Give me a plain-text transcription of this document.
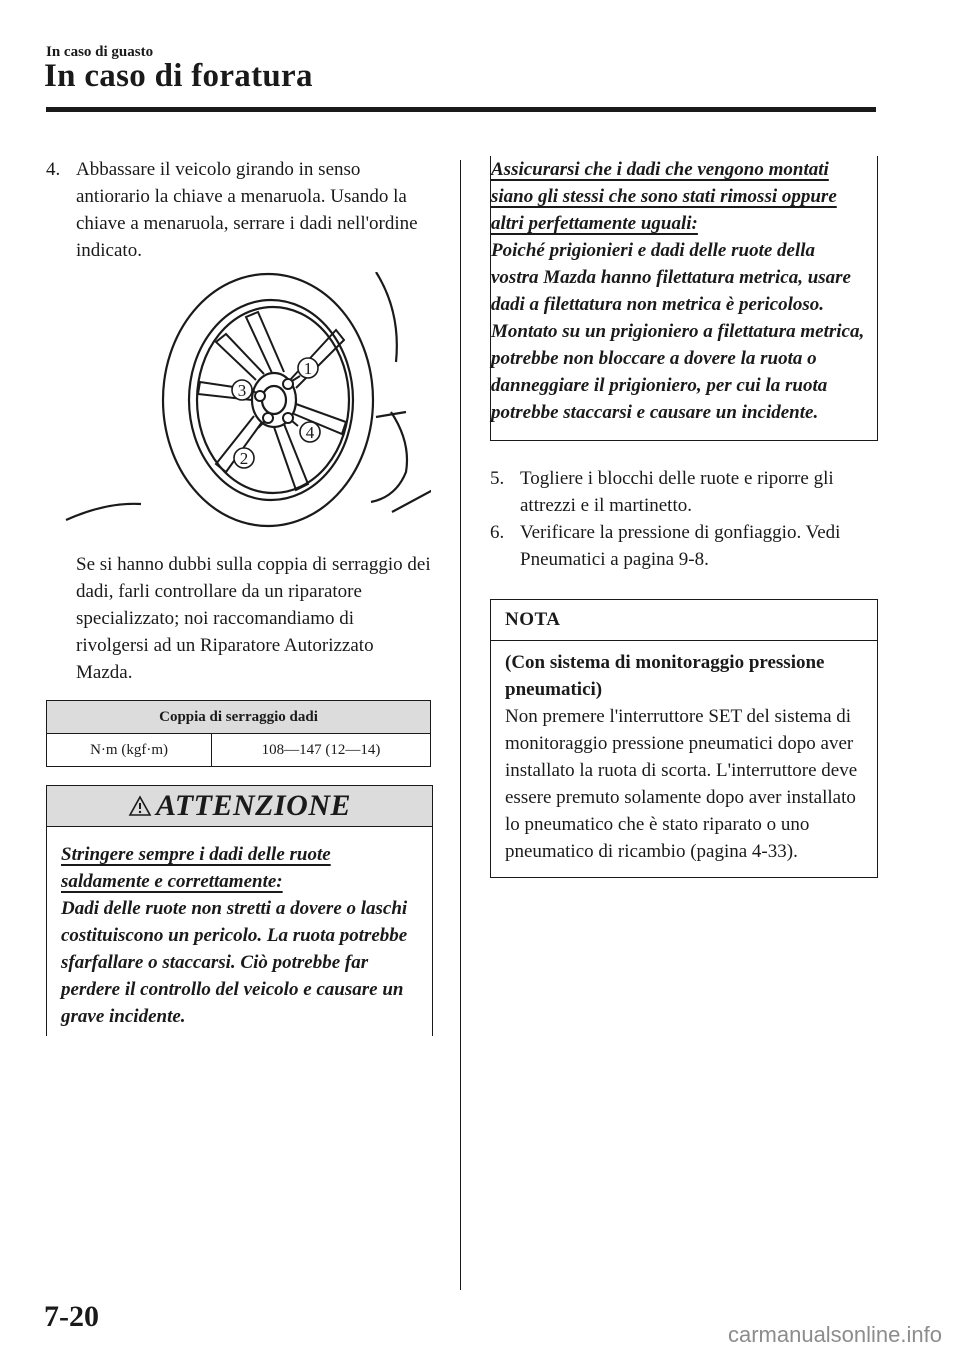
In caso di guasto
In caso di foratura
4. Abbassare il veicolo girando in senso antiorario la chiave a menaruola. Usando la chiave a menaruola, serrare i dadi nell'ordine indicato.
1
2
3
4
Se si hanno dubbi sulla coppia di serraggio dei dadi, farli controllare da un riparatore specializzato; noi raccomandiamo di rivolgersi ad un Riparatore Autorizzato Mazda.
Coppia di serraggio dadi
N·m (kgf·m)	108—147 (12—14)
ATTENZIONE
Stringere sempre i dadi delle ruote saldamente e correttamente:
Dadi delle ruote non stretti a dovere o laschi costituiscono un pericolo. La ruota potrebbe sfarfallare o staccarsi. Ciò potrebbe far perdere il controllo del veicolo e causare un grave incidente.
Assicurarsi che i dadi che vengono montati siano gli stessi che sono stati rimossi oppure altri perfettamente uguali:
Poiché prigionieri e dadi delle ruote della vostra Mazda hanno filettatura metrica, usare dadi a filettatura non metrica è pericoloso. Montato su un prigioniero a filettatura metrica, potrebbe non bloccare a dovere la ruota o danneggiare il prigioniero, per cui la ruota potrebbe staccarsi e causare un incidente.
5. Togliere i blocchi delle ruote e riporre gli attrezzi e il martinetto.
6. Verificare la pressione di gonfiaggio. Vedi Pneumatici a pagina 9-8.
NOTA
(Con sistema di monitoraggio pressione pneumatici)
Non premere l'interruttore SET del sistema di monitoraggio pressione pneumatici dopo aver installato la ruota di scorta. L'interruttore deve essere premuto solamente dopo aver installato lo pneumatico che è stato riparato o uno pneumatico di ricambio (pagina 4-33).
7-20
carmanualsonline.info
